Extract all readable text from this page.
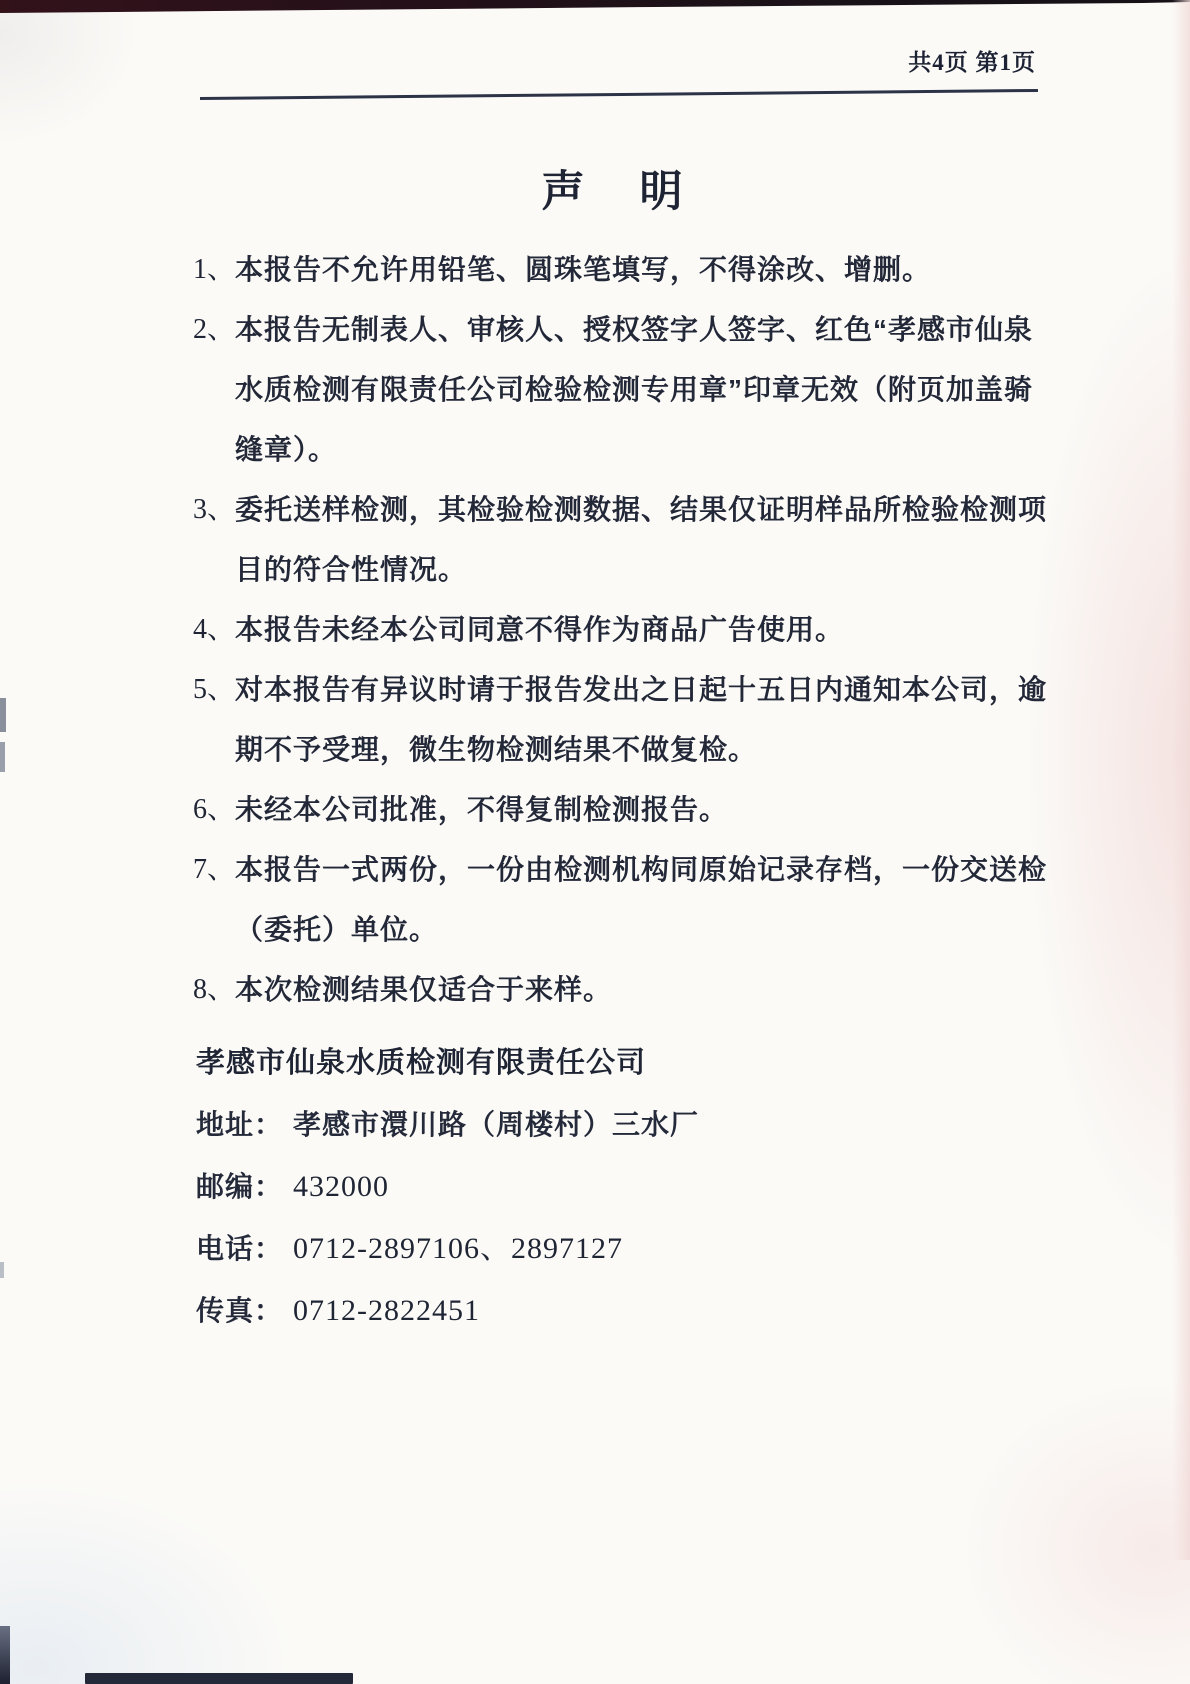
共4页 第1页
声　明
1、 本报告不允许用铅笔、圆珠笔填写，不得涂改、增删。
2、 本报告无制表人、审核人、授权签字人签字、红色“孝感市仙泉
水质检测有限责任公司检验检测专用章”印章无效（附页加盖骑
缝章）。
3、 委托送样检测，其检验检测数据、结果仅证明样品所检验检测项
目的符合性情况。
4、 本报告未经本公司同意不得作为商品广告使用。
5、 对本报告有异议时请于报告发出之日起十五日内通知本公司，逾
期不予受理，微生物检测结果不做复检。
6、 未经本公司批准，不得复制检测报告。
7、 本报告一式两份，一份由检测机构同原始记录存档，一份交送检
（委托）单位。
8、 本次检测结果仅适合于来样。
孝感市仙泉水质检测有限责任公司
地址： 孝感市澴川路（周楼村）三水厂
邮编： 432000
电话： 0712-2897106、2897127
传真： 0712-2822451
